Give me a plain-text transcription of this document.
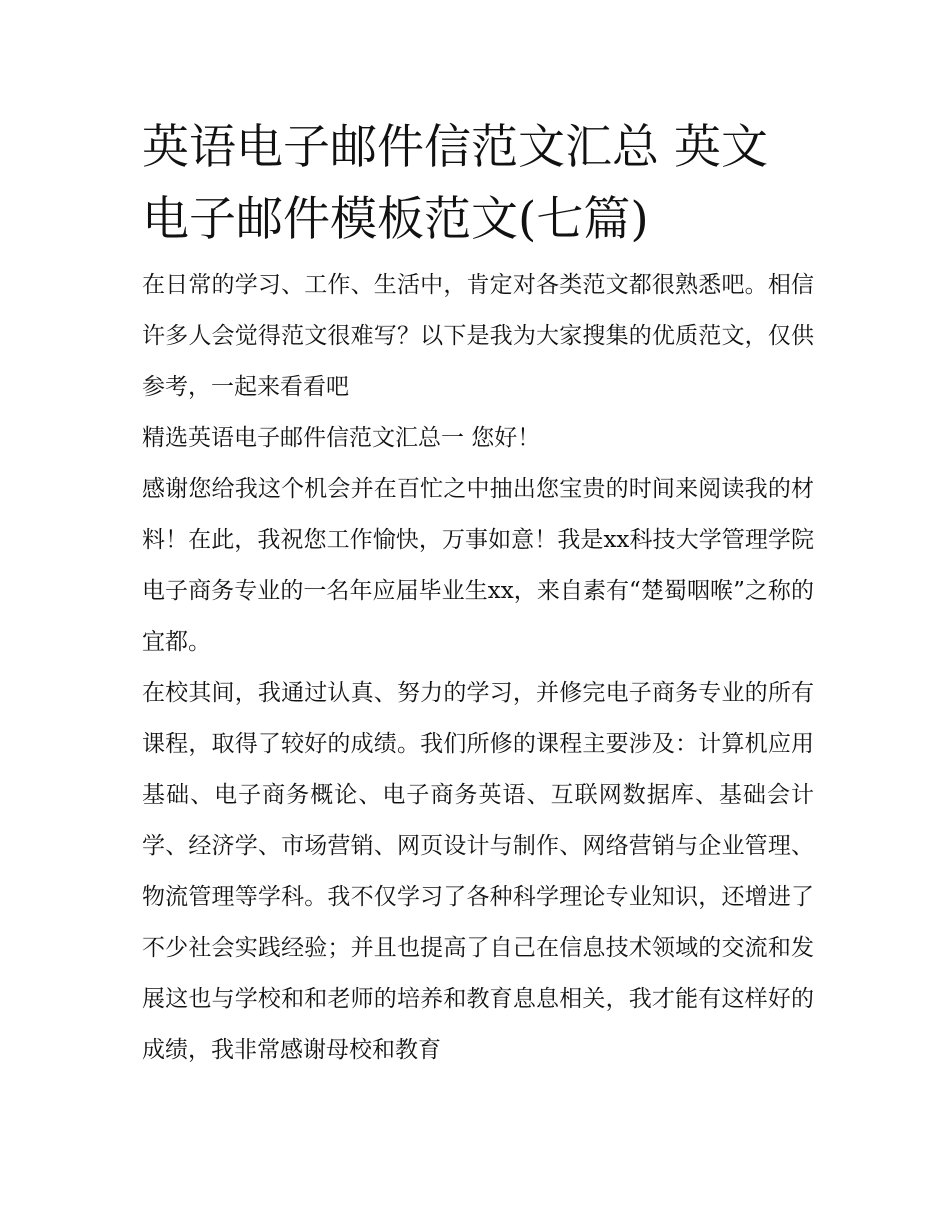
英语电子邮件信范文汇总 英文电子邮件模板范文(七篇)

在日常的学习、工作、生活中，肯定对各类范文都很熟悉吧。相信许多人会觉得范文很难写？以下是我为大家搜集的优质范文，仅供参考，一起来看看吧

精选英语电子邮件信范文汇总一 您好！

感谢您给我这个机会并在百忙之中抽出您宝贵的时间来阅读我的材料！在此，我祝您工作愉快，万事如意！我是xx科技大学管理学院电子商务专业的一名年应届毕业生xx，来自素有“楚蜀咽喉”之称的宜都。

在校其间，我通过认真、努力的学习，并修完电子商务专业的所有课程，取得了较好的成绩。我们所修的课程主要涉及：计算机应用基础、电子商务概论、电子商务英语、互联网数据库、基础会计学、经济学、市场营销、网页设计与制作、网络营销与企业管理、物流管理等学科。我不仅学习了各种科学理论专业知识，还增进了不少社会实践经验；并且也提高了自己在信息技术领域的交流和发展这也与学校和和老师的培养和教育息息相关，我才能有这样好的成绩，我非常感谢母校和教育
